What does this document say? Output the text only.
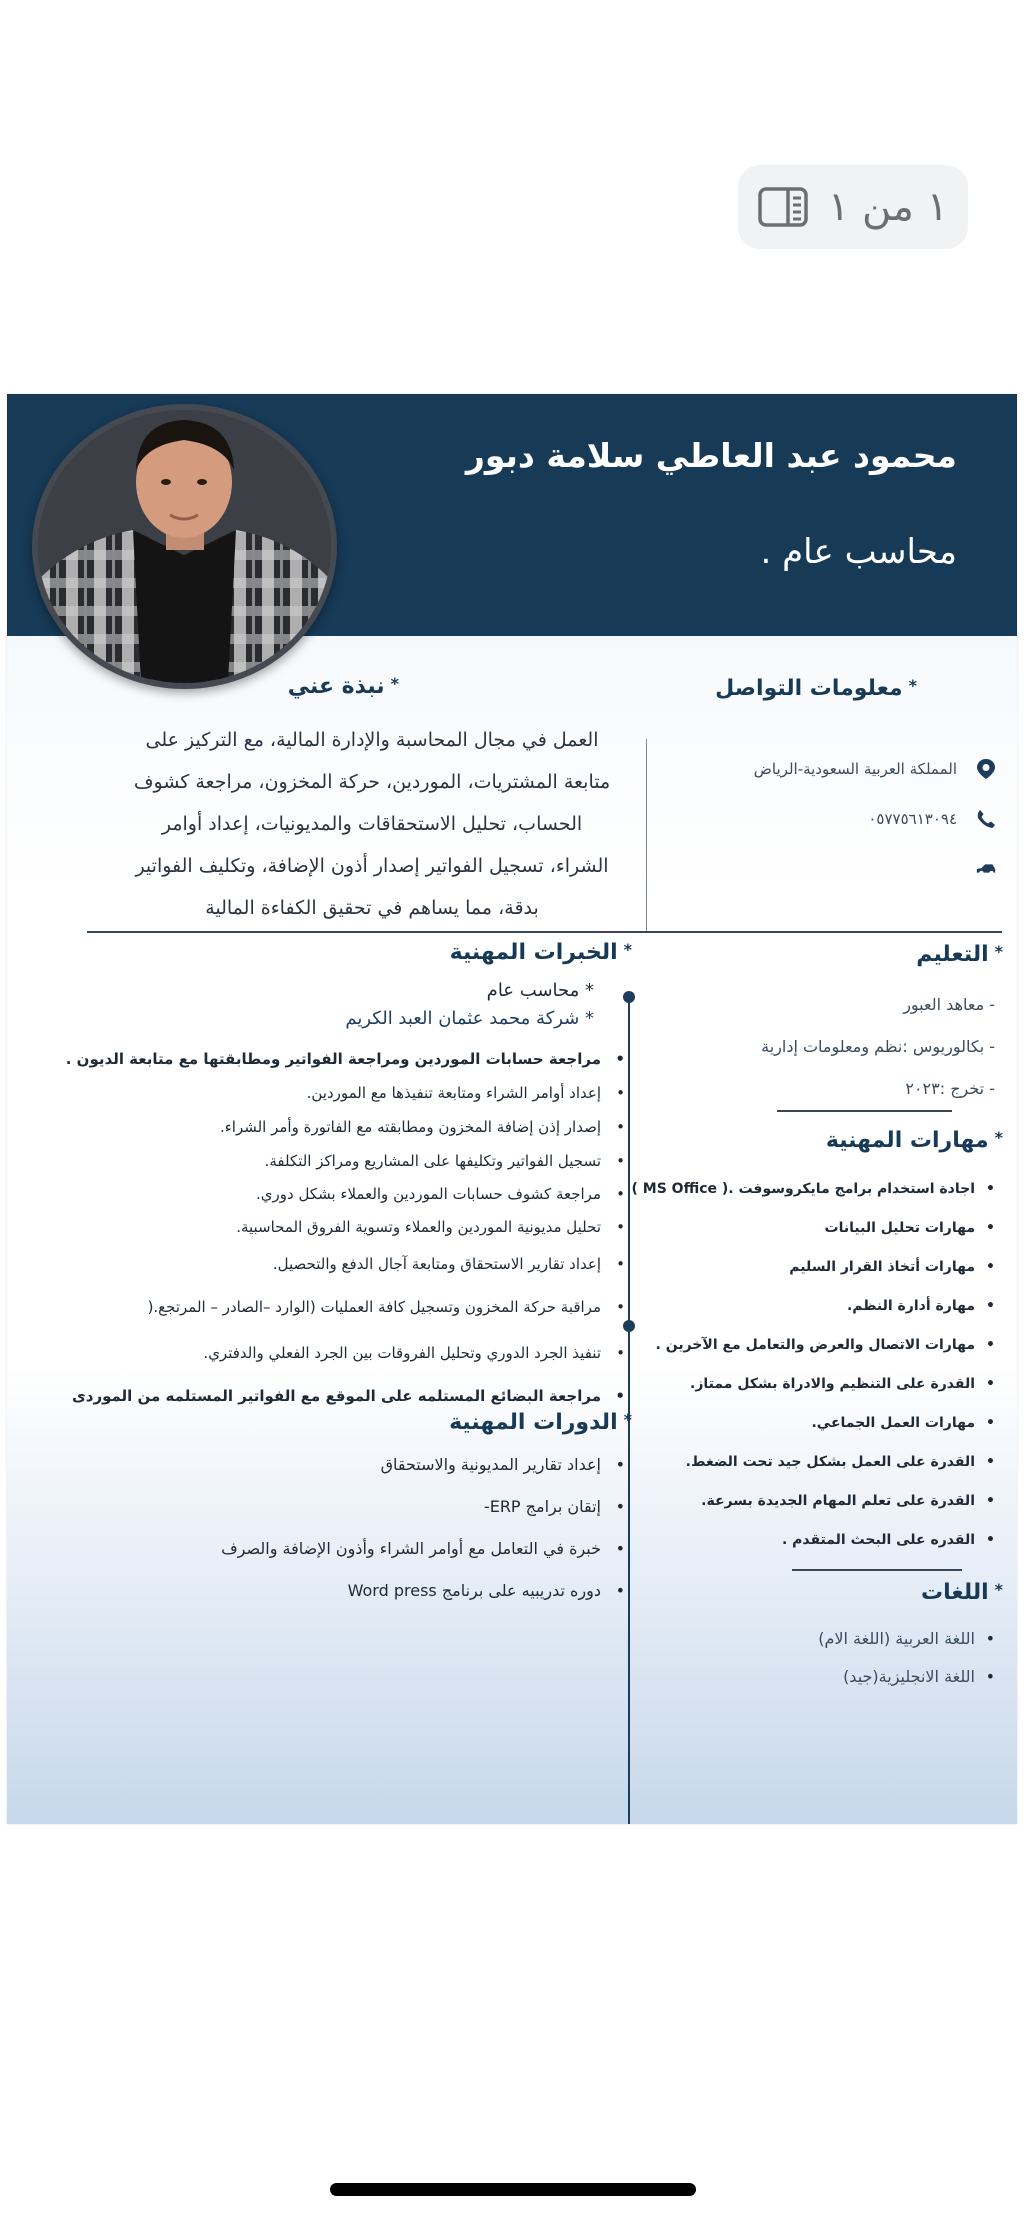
١ من ١
محمود عبد العاطي سلامة دبور
محاسب عام .
*معلومات التواصل
المملكة العربية السعودية-الرياض
٠٥٧٧٥٦١٣٠٩٤
*نبذة عني
العمل في مجال المحاسبة والإدارة المالية، مع التركيز على
متابعة المشتريات، الموردين، حركة المخزون، مراجعة كشوف
الحساب، تحليل الاستحقاقات والمديونيات، إعداد أوامر
الشراء، تسجيل الفواتير إصدار أذون الإضافة، وتكليف الفواتير
بدقة، مما يساهم في تحقيق الكفاءة المالية
*التعليم
- معاهد العبور
- بكالوريوس :نظم ومعلومات إدارية
- تخرج :٢٠٢٣
*مهارات المهنية
• اجادة استخدام برامج مايكروسوفت .( MS Office )
• مهارات تحليل البيانات
• مهارات أتخاذ القرار السليم
• مهارة أدارة النظم.
• مهارات الاتصال والعرض والتعامل مع الآخرين .
• القدرة على التنظيم والادراة بشكل ممتاز.
• مهارات العمل الجماعي.
• القدرة على العمل بشكل جيد تحت الضغط.
• القدرة على تعلم المهام الجديدة بسرعة.
• القدره على البحث المتقدم .
*اللغات
• اللغة العربية (اللغة الام)
• اللغة الانجليزية(جيد)
*الخبرات المهنية
* محاسب عام
* شركة محمد عثمان العبد الكريم
• مراجعة حسابات الموردين ومراجعة الفواتير ومطابقتها مع متابعة الديون .
• إعداد أوامر الشراء ومتابعة تنفيذها مع الموردين.
• إصدار إذن إضافة المخزون ومطابقته مع الفاتورة وأمر الشراء.
• تسجيل الفواتير وتكليفها على المشاريع ومراكز التكلفة.
• مراجعة كشوف حسابات الموردين والعملاء بشكل دوري.
• تحليل مديونية الموردين والعملاء وتسوية الفروق المحاسبية.
• إعداد تقارير الاستحقاق ومتابعة آجال الدفع والتحصيل.
• مراقبة حركة المخزون وتسجيل كافة العمليات (الوارد –الصادر – المرتجع.(
• تنفيذ الجرد الدوري وتحليل الفروقات بين الجرد الفعلي والدفتري.
• مراجعة البضائع المستلمه على الموقع مع الفواتير المستلمه من الموردى
*الدورات المهنية
• إعداد تقارير المديونية والاستحقاق
• إتقان برامج ERP-
• خبرة في التعامل مع أوامر الشراء وأذون الإضافة والصرف
• دوره تدريبيه على برنامج Word press
